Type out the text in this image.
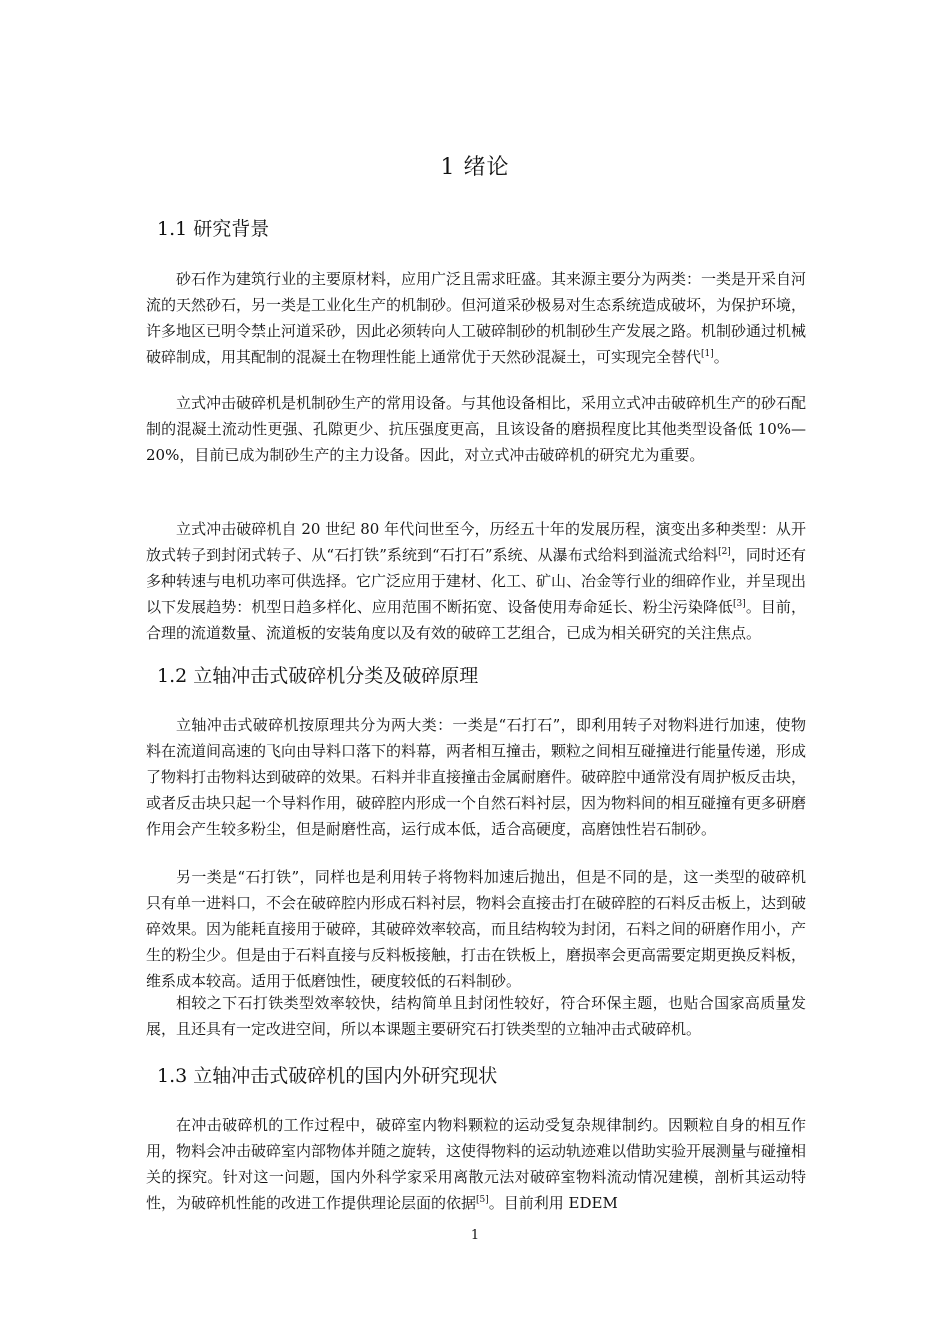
1 绪论
1.1 研究背景

砂石作为建筑行业的主要原材料，应用广泛且需求旺盛。其来源主要分为两类：一类是开采自河流的天然砂石，另一类是工业化生产的机制砂。但河道采砂极易对生态系统造成破坏，为保护环境，许多地区已明令禁止河道采砂，因此必须转向人工破碎制砂的机制砂生产发展之路。机制砂通过机械破碎制成，用其配制的混凝土在物理性能上通常优于天然砂混凝土，可实现完全替代[1]。

立式冲击破碎机是机制砂生产的常用设备。与其他设备相比，采用立式冲击破碎机生产的砂石配制的混凝土流动性更强、孔隙更少、抗压强度更高，且该设备的磨损程度比其他类型设备低 10%—20%，目前已成为制砂生产的主力设备。因此，对立式冲击破碎机的研究尤为重要。

立式冲击破碎机自 20 世纪 80 年代问世至今，历经五十年的发展历程，演变出多种类型：从开放式转子到封闭式转子、从“石打铁”系统到“石打石”系统、从瀑布式给料到溢流式给料[2]，同时还有多种转速与电机功率可供选择。它广泛应用于建材、化工、矿山、冶金等行业的细碎作业，并呈现出以下发展趋势：机型日趋多样化、应用范围不断拓宽、设备使用寿命延长、粉尘污染降低[3]。目前，合理的流道数量、流道板的安装角度以及有效的破碎工艺组合，已成为相关研究的关注焦点。

1.2 立轴冲击式破碎机分类及破碎原理

立轴冲击式破碎机按原理共分为两大类：一类是“石打石”，即利用转子对物料进行加速，使物料在流道间高速的飞向由导料口落下的料幕，两者相互撞击，颗粒之间相互碰撞进行能量传递，形成了物料打击物料达到破碎的效果。石料并非直接撞击金属耐磨件。破碎腔中通常没有周护板反击块，或者反击块只起一个导料作用，破碎腔内形成一个自然石料衬层，因为物料间的相互碰撞有更多研磨作用会产生较多粉尘，但是耐磨性高，运行成本低，适合高硬度，高磨蚀性岩石制砂。

另一类是“石打铁”，同样也是利用转子将物料加速后抛出，但是不同的是，这一类型的破碎机只有单一进料口，不会在破碎腔内形成石料衬层，物料会直接击打在破碎腔的石料反击板上，达到破碎效果。因为能耗直接用于破碎，其破碎效率较高，而且结构较为封闭，石料之间的研磨作用小，产生的粉尘少。但是由于石料直接与反料板接触，打击在铁板上，磨损率会更高需要定期更换反料板，维系成本较高。适用于低磨蚀性，硬度较低的石料制砂。

相较之下石打铁类型效率较快，结构简单且封闭性较好，符合环保主题，也贴合国家高质量发展，且还具有一定改进空间，所以本课题主要研究石打铁类型的立轴冲击式破碎机。

1.3 立轴冲击式破碎机的国内外研究现状

在冲击破碎机的工作过程中，破碎室内物料颗粒的运动受复杂规律制约。因颗粒自身的相互作用，物料会冲击破碎室内部物体并随之旋转，这使得物料的运动轨迹难以借助实验开展测量与碰撞相关的探究。针对这一问题，国内外科学家采用离散元法对破碎室物料流动情况建模，剖析其运动特性，为破碎机性能的改进工作提供理论层面的依据[5]。目前利用 EDEM

1
